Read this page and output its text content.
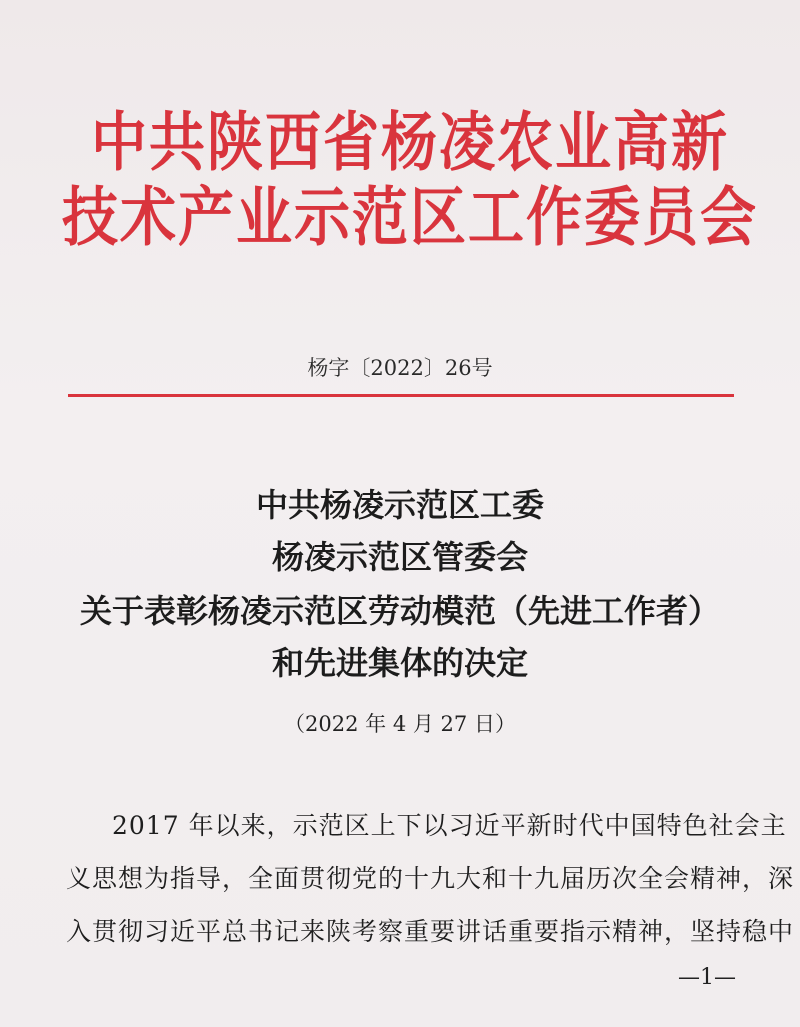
中共陕西省杨凌农业高新
技术产业示范区工作委员会
杨字〔2022〕26号
中共杨凌示范区工委
杨凌示范区管委会
关于表彰杨凌示范区劳动模范（先进工作者）
和先进集体的决定
（2022 年 4 月 27 日）
2017 年以来，示范区上下以习近平新时代中国特色社会主
义思想为指导，全面贯彻党的十九大和十九届历次全会精神，深
入贯彻习近平总书记来陕考察重要讲话重要指示精神，坚持稳中
—1—
